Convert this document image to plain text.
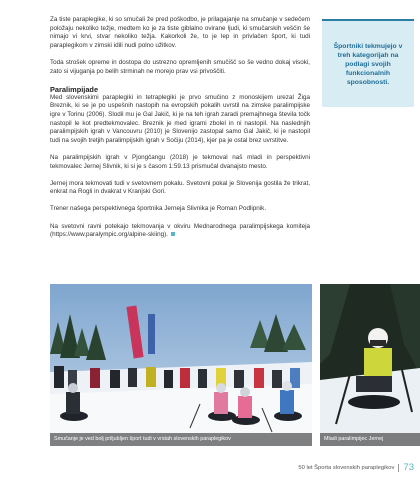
Za tiste paraplegike, ki so smučali že pred poškodbo, je prilagajanje na smučanje v sedečem položaju nekoliko težje, medtem ko je za tiste giblalno ovirane ljudi, ki smučarskih veščin še nimajo vi krvi, stvar nekoliko težja. Kakorkoli že, to je lep in privlačen šport, ki tudi paraplegikom v zimski idili nudi polno užitkov.

Toda strošek opreme in dostopa do ustrezno opremljenih smučišč so še vedno dokaj visoki, zato si vijuganja po belih strminah ne morejo prav vsi privoščiti.

Paralimpijade

Med slovenskimi paraplegiki in tetraplegiki je prvo smučino z monoskijem urezal Žiga Breznik, ki se je po uspešnih nastopih na evropskih pokalih uvrstil na zimske paralimpijske igre v Torinu (2006). Slodil mu je Gal Jakič, ki je na teh igrah zaradi premajhnega števila točk nastopil le kot predtekmovalec. Breznik je med igrami zbolel in ni nastopil. Na naslednjih paralimpijskih igrah v Vancouvru (2010) je Slovenijo zastopal samo Gal Jakič, ki je nastopil tudi na svojih tretjih paralimpijskih igrah v Sočiju (2014), kjer pa je ostal brez uvrstitve.

Na paralimpijskih igrah v Pjongčangu (2018) je tekmoval naš mladi in perspektivni tekmovalec Jernej Slivnik, ki si je s časom 1:59.13 prismučal dvanajsto mesto.

Jernej mora tekmovati tudi v svetovnem pokalu. Svetovni pokal je Slovenija gostila že trikrat, enkrat na Rogli in dvakrat v Kranjski Gori.

Trener našega perspektivnega športnika Jerneja Slivnika je Roman Podlipnik.

Na svetovni ravni potekajo tekmovanja v okviru Mednarodnega paralimpijskega komiteja (https://www.paralympic.org/alpine-skiing).

Športniki tekmujejo v treh kategorijah na podlagi svojih funkcionalnih sposobnosti.
Smučanje je ved bolj priljubljen šport tudi v vrstah slovenskih paraplegikov	Mladi paralimpijec Jernej
50 let Športa slovenskih paraplegikov 73
